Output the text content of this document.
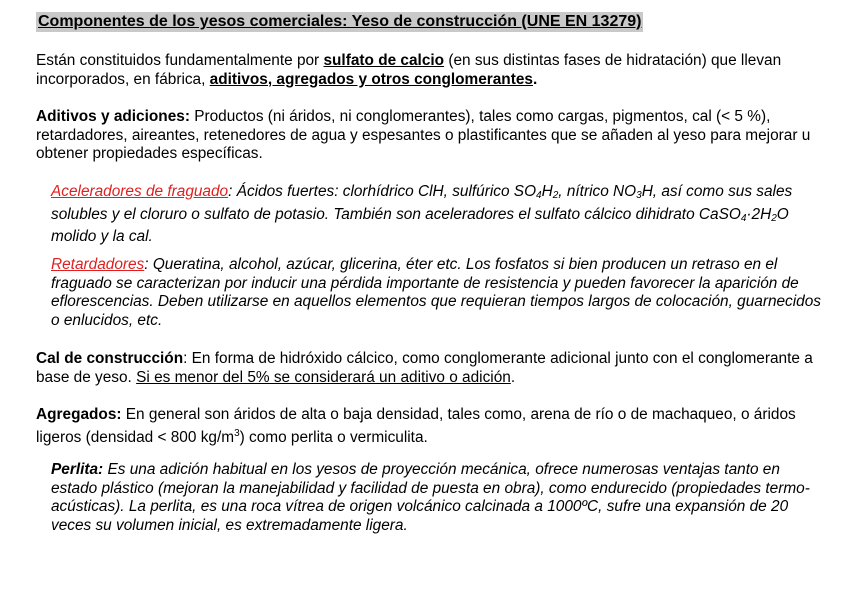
Componentes de los yesos comerciales: Yeso de construcción (UNE EN 13279)

Están constituidos fundamentalmente por sulfato de calcio (en sus distintas fases de hidratación) que llevan incorporados, en fábrica, aditivos, agregados y otros conglomerantes.

Aditivos y adiciones: Productos (ni áridos, ni conglomerantes), tales como cargas, pigmentos, cal (< 5 %), retardadores, aireantes, retenedores de agua y espesantes o plastificantes que se añaden al yeso para mejorar u obtener propiedades específicas.

Aceleradores de fraguado: Ácidos fuertes: clorhídrico ClH, sulfúrico $SO_4H_2$, nítrico $NO_3H$, así como sus sales solubles y el cloruro o sulfato de potasio. También son aceleradores el sulfato cálcico dihidrato $CaSO_4\cdot 2H_2O$ molido y la cal.

Retardadores: Queratina, alcohol, azúcar, glicerina, éter etc. Los fosfatos si bien producen un retraso en el fraguado se caracterizan por inducir una pérdida importante de resistencia y pueden favorecer la aparición de eflorescencias. Deben utilizarse en aquellos elementos que requieran tiempos largos de colocación, guarnecidos o enlucidos, etc.

Cal de construcción: En forma de hidróxido cálcico, como conglomerante adicional junto con el conglomerante a base de yeso. Si es menor del 5% se considerará un aditivo o adición.

Agregados: En general son áridos de alta o baja densidad, tales como, arena de río o de machaqueo, o áridos ligeros (densidad < 800 $kg/m^3$) como perlita o vermiculita.

Perlita: Es una adición habitual en los yesos de proyección mecánica, ofrece numerosas ventajas tanto en estado plástico (mejoran la manejabilidad y facilidad de puesta en obra), como endurecido (propiedades termo-acústicas). La perlita, es una roca vítrea de origen volcánico calcinada a 1000ºC, sufre una expansión de 20 veces su volumen inicial, es extremadamente ligera.
